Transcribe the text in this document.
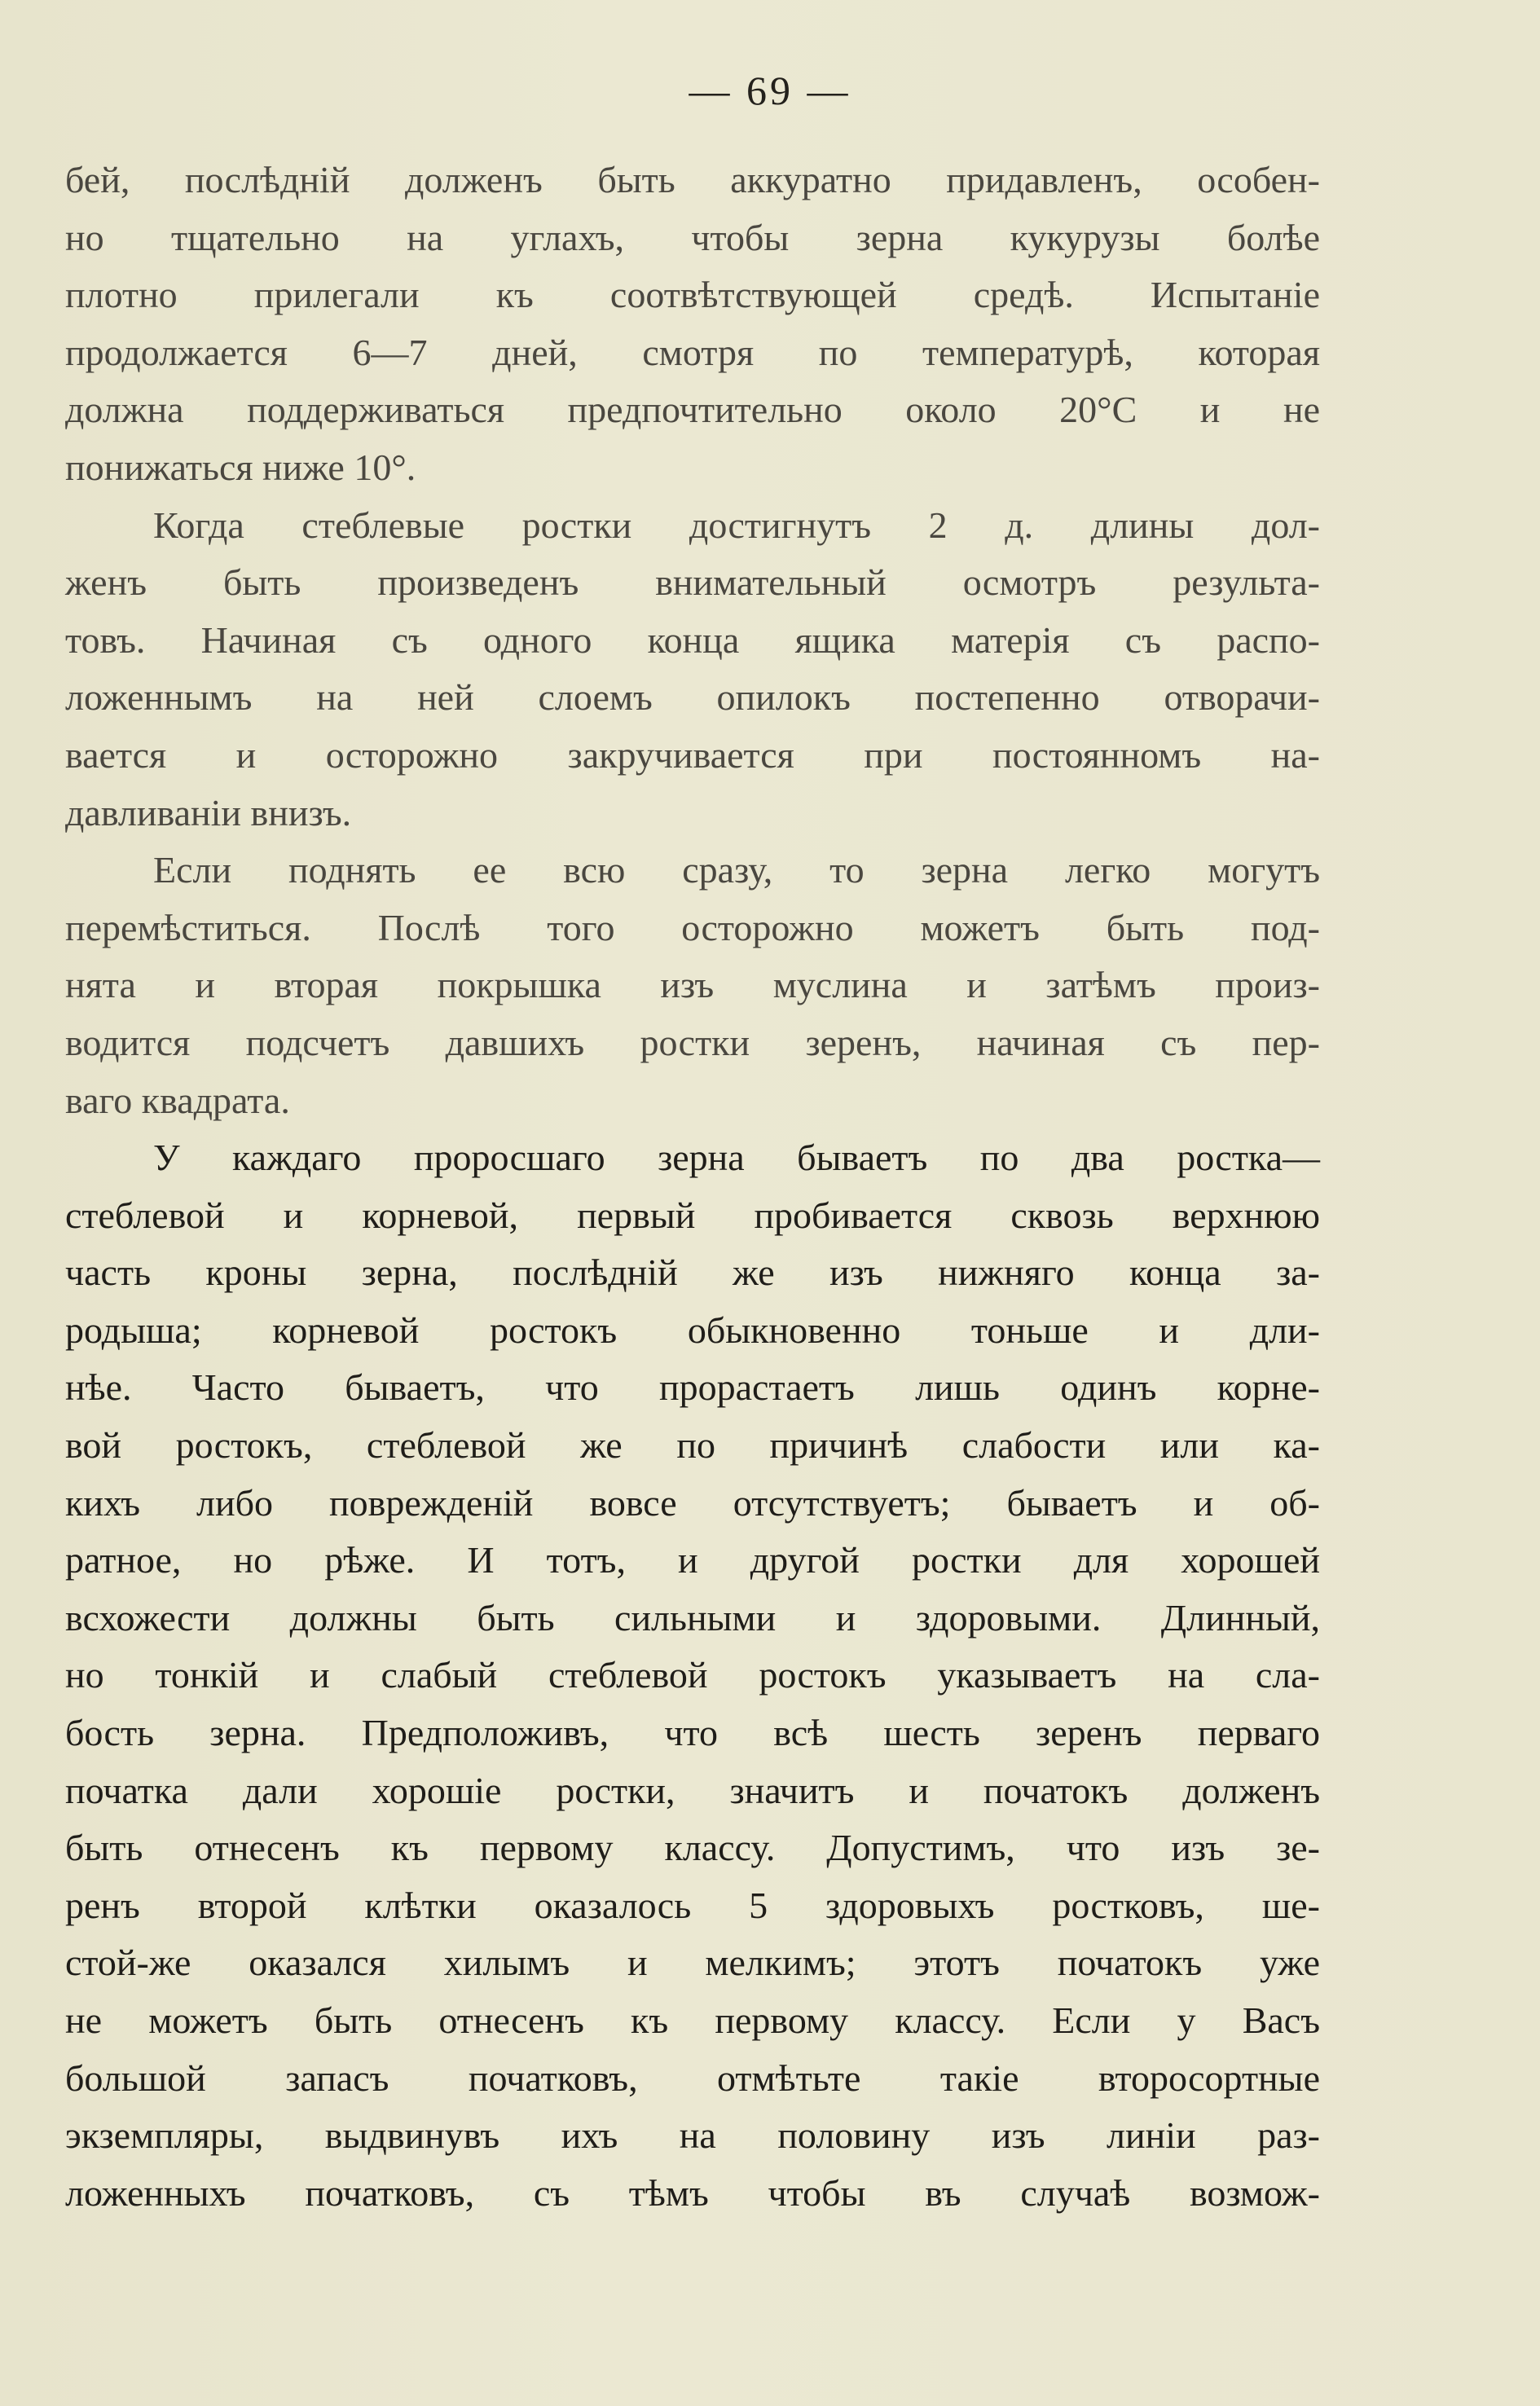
— 69 —
бей, послѣдній долженъ быть аккуратно придавленъ, особен-
но тщательно на углахъ, чтобы зерна кукурузы болѣе
плотно прилегали къ соотвѣтствующей средѣ. Испытаніе
продолжается 6—7 дней, смотря по температурѣ, которая
должна поддерживаться предпочтительно около 20°С и не
понижаться ниже 10°.
Когда стеблевые ростки достигнутъ 2 д. длины дол-
женъ быть произведенъ внимательный осмотръ результа-
товъ. Начиная съ одного конца ящика матерія съ распо-
ложеннымъ на ней слоемъ опилокъ постепенно отворачи-
вается и осторожно закручивается при постоянномъ на-
давливаніи внизъ.
Если поднять ее всю сразу, то зерна легко могутъ
перемѣститься. Послѣ того осторожно можетъ быть под-
нята и вторая покрышка изъ муслина и затѣмъ произ-
водится подсчетъ давшихъ ростки зеренъ, начиная съ пер-
ваго квадрата.
У каждаго проросшаго зерна бываетъ по два ростка—
стеблевой и корневой, первый пробивается сквозь верхнюю
часть кроны зерна, послѣдній же изъ нижняго конца за-
родыша; корневой ростокъ обыкновенно тоньше и дли-
нѣе. Часто бываетъ, что прорастаетъ лишь одинъ корне-
вой ростокъ, стеблевой же по причинѣ слабости или ка-
кихъ либо поврежденій вовсе отсутствуетъ; бываетъ и об-
ратное, но рѣже. И тотъ, и другой ростки для хорошей
всхожести должны быть сильными и здоровыми. Длинный,
но тонкій и слабый стеблевой ростокъ указываетъ на сла-
бость зерна. Предположивъ, что всѣ шесть зеренъ перваго
початка дали хорошіе ростки, значитъ и початокъ долженъ
быть отнесенъ къ первому классу. Допустимъ, что изъ зе-
ренъ второй клѣтки оказалось 5 здоровыхъ ростковъ, ше-
стой-же оказался хилымъ и мелкимъ; этотъ початокъ уже
не можетъ быть отнесенъ къ первому классу. Если у Васъ
большой запасъ початковъ, отмѣтьте такіе второсортные
экземпляры, выдвинувъ ихъ на половину изъ линіи раз-
ложенныхъ початковъ, съ тѣмъ чтобы въ случаѣ возмож-
